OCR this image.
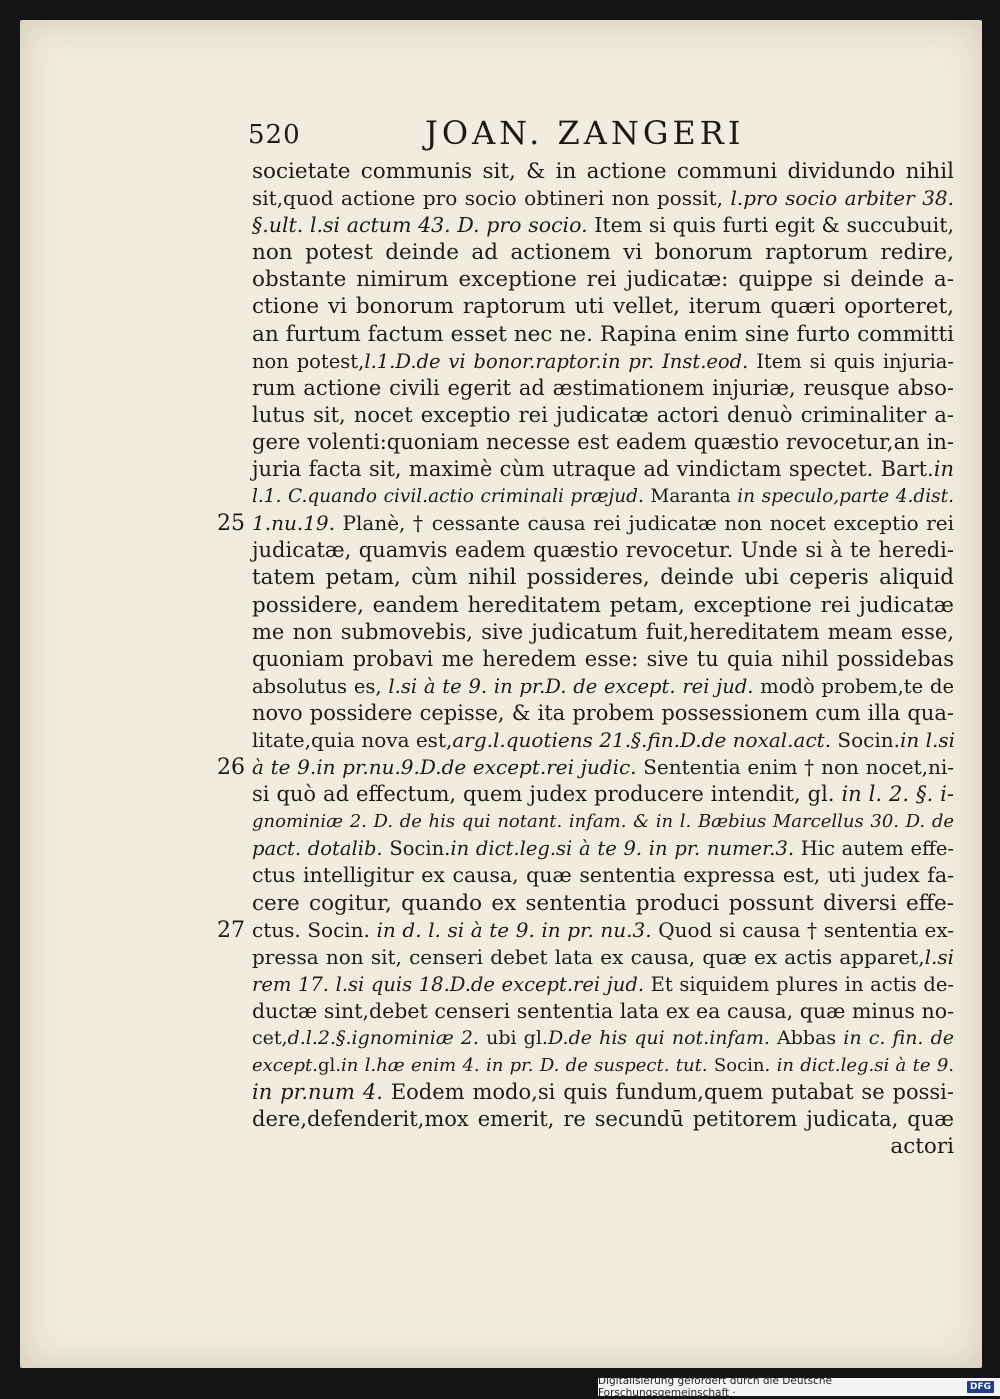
520	JOAN. ZANGERI
societate communis sit, & in actione communi dividundo nihil
sit,quod actione pro socio obtineri non possit, l.pro socio arbiter 38.
§.ult. l.si actum 43. D. pro socio. Item si quis furti egit & succubuit,
non potest deinde ad actionem vi bonorum raptorum redire,
obstante nimirum exceptione rei judicatæ: quippe si deinde a-
ctione vi bonorum raptorum uti vellet, iterum quæri oporteret,
an furtum factum esset nec ne. Rapina enim sine furto committi
non potest,l.1.D.de vi bonor.raptor.in pr. Inst.eod. Item si quis injuria-
rum actione civili egerit ad æstimationem injuriæ, reusque abso-
lutus sit, nocet exceptio rei judicatæ actori denuò criminaliter a-
gere volenti:quoniam necesse est eadem quæstio revocetur,an in-
juria facta sit, maximè cùm utraque ad vindictam spectet. Bart.in
l.1. C.quando civil.actio criminali præjud. Maranta in speculo,parte 4.dist.
25 1.nu.19. Planè, † cessante causa rei judicatæ non nocet exceptio rei
judicatæ, quamvis eadem quæstio revocetur. Unde si à te heredi-
tatem petam, cùm nihil possideres, deinde ubi ceperis aliquid
possidere, eandem hereditatem petam, exceptione rei judicatæ
me non submovebis, sive judicatum fuit,hereditatem meam esse,
quoniam probavi me heredem esse: sive tu quia nihil possidebas
absolutus es, l.si à te 9. in pr.D. de except. rei jud. modò probem,te de
novo possidere cepisse, & ita probem possessionem cum illa qua-
litate,quia nova est,arg.l.quotiens 21.§.fin.D.de noxal.act. Socin.in l.si
26 à te 9.in pr.nu.9.D.de except.rei judic. Sententia enim † non nocet,ni-
si quò ad effectum, quem judex producere intendit, gl. in l. 2. §. i-
gnominiæ 2. D. de his qui notant. infam. & in l. Bæbius Marcellus 30. D. de
pact. dotalib. Socin.in dict.leg.si à te 9. in pr. numer.3. Hic autem effe-
ctus intelligitur ex causa, quæ sententia expressa est, uti judex fa-
cere cogitur, quando ex sententia produci possunt diversi effe-
27 ctus. Socin. in d. l. si à te 9. in pr. nu.3. Quod si causa † sententia ex-
pressa non sit, censeri debet lata ex causa, quæ ex actis apparet,l.si
rem 17. l.si quis 18.D.de except.rei jud. Et siquidem plures in actis de-
ductæ sint,debet censeri sententia lata ex ea causa, quæ minus no-
cet,d.l.2.§.ignominiæ 2. ubi gl.D.de his qui not.infam. Abbas in c. fin. de
except.gl.in l.hæ enim 4. in pr. D. de suspect. tut. Socin. in dict.leg.si à te 9.
in pr.num 4. Eodem modo,si quis fundum,quem putabat se possi-
dere,defenderit,mox emerit, re secundū petitorem judicata, quæ
actori
Digitalisierung gefördert durch die Deutsche Forschungsgemeinschaft ·	DFG
